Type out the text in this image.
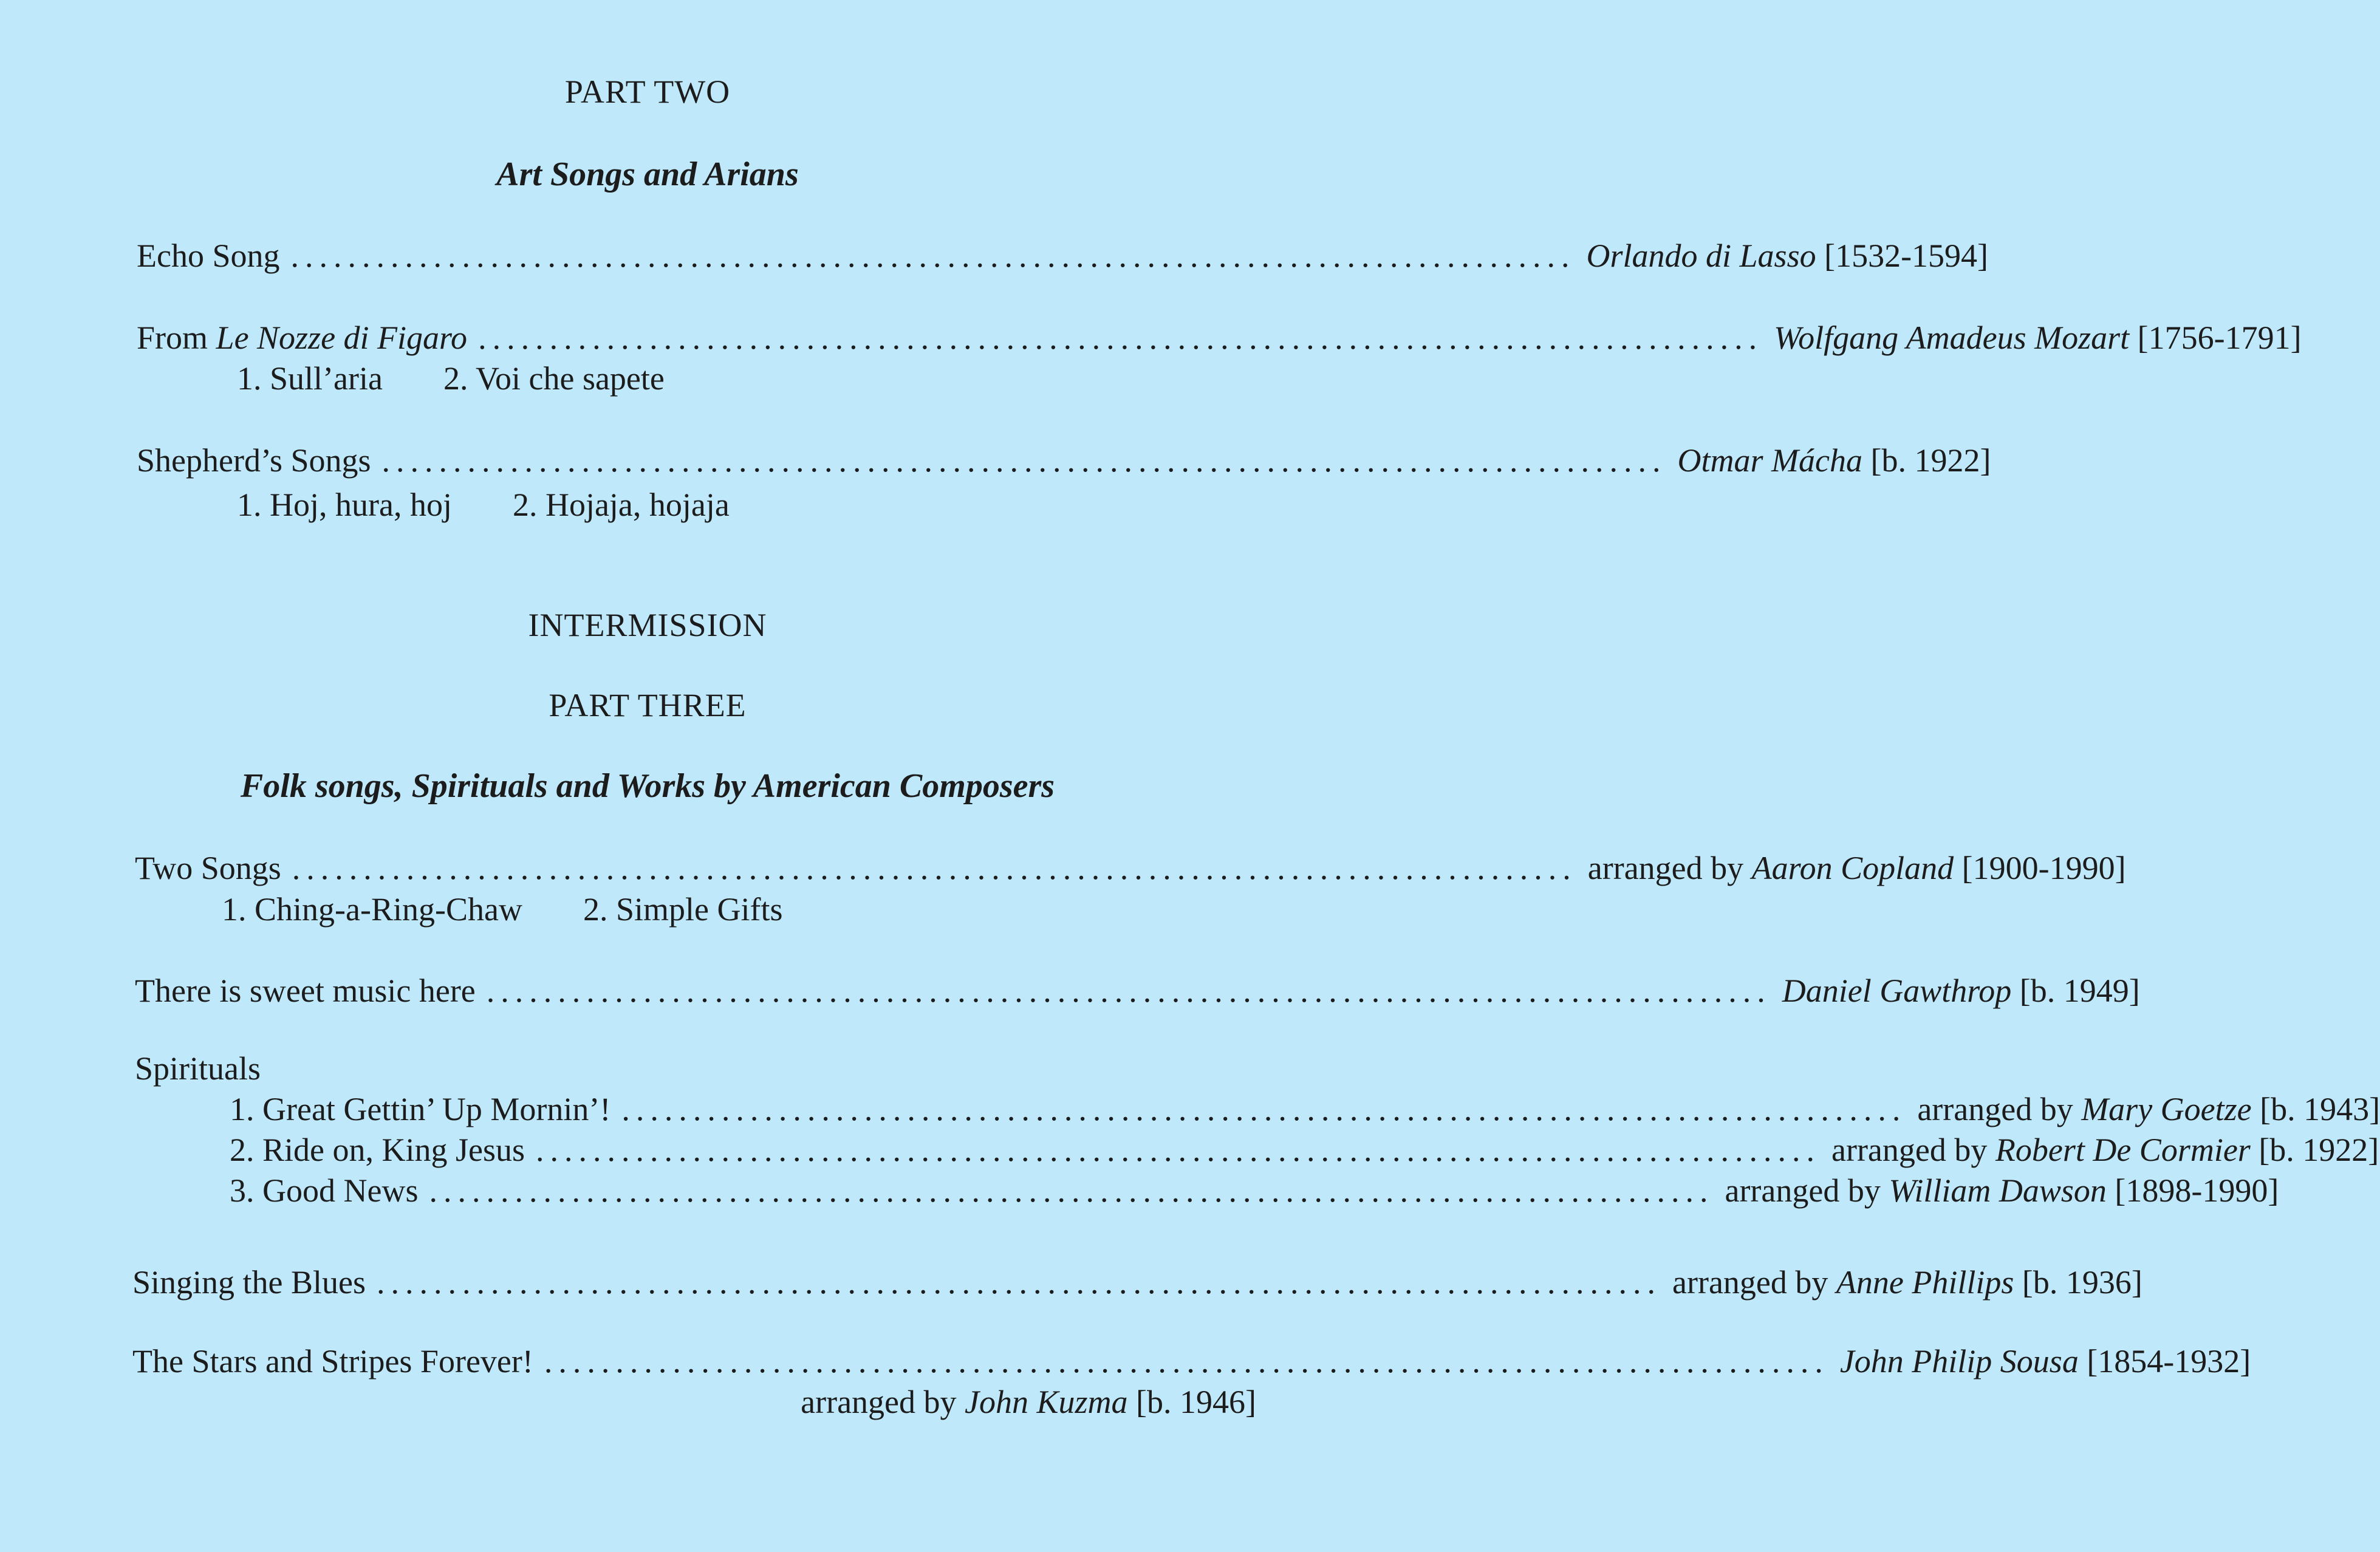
PART TWO
Art Songs and Arians
Echo Song .......................................................................................... Orlando di Lasso [1532-1594]
From Le Nozze di Figaro .......................................................................................... Wolfgang Amadeus Mozart [1756-1791]
1. Sull’aria 2. Voi che sapete
Shepherd’s Songs .......................................................................................... Otmar Mácha [b. 1922]
1. Hoj, hura, hoj 2. Hojaja, hojaja
INTERMISSION
PART THREE
Folk songs, Spirituals and Works by American Composers
Two Songs .......................................................................................... arranged by Aaron Copland [1900-1990]
1. Ching-a-Ring-Chaw 2. Simple Gifts
There is sweet music here .......................................................................................... Daniel Gawthrop [b. 1949]
Spirituals
1. Great Gettin’ Up Mornin’! .......................................................................................... arranged by Mary Goetze [b. 1943]
2. Ride on, King Jesus .......................................................................................... arranged by Robert De Cormier [b. 1922]
3. Good News .......................................................................................... arranged by William Dawson [1898-1990]
Singing the Blues .......................................................................................... arranged by Anne Phillips [b. 1936]
The Stars and Stripes Forever! .......................................................................................... John Philip Sousa [1854-1932]
arranged by John Kuzma [b. 1946]
